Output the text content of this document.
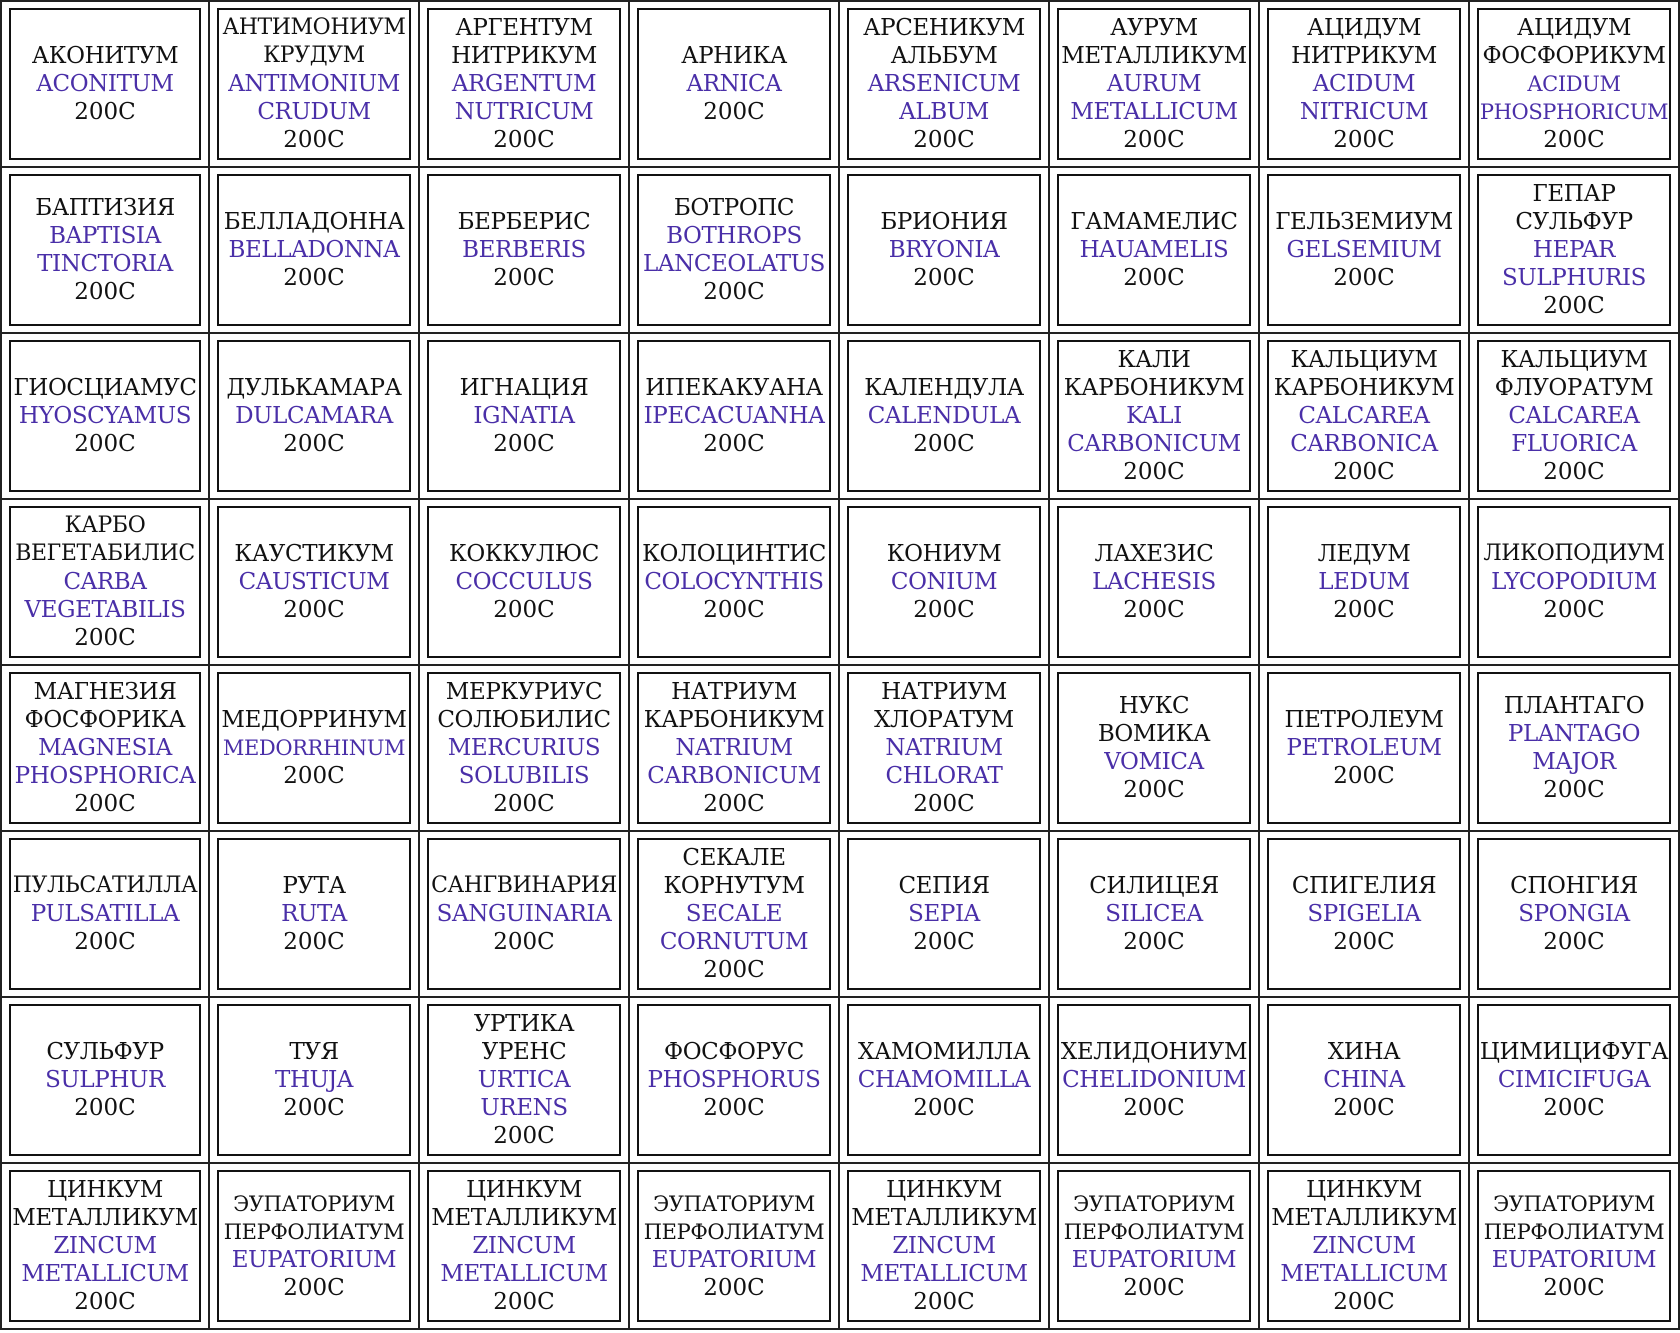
АКОНИТУМ
ACONITUM
200C
АНТИМОНИУМ
КРУДУМ
ANTIMONIUM
CRUDUM
200C
АРГЕНТУМ
НИТРИКУМ
ARGENTUM
NUTRICUM
200C
АРНИКА
ARNICA
200C
АРСЕНИКУМ
АЛЬБУМ
ARSENICUM
ALBUM
200C
АУРУМ
МЕТАЛЛИКУМ
AURUM
METALLICUM
200C
АЦИДУМ
НИТРИКУМ
ACIDUM
NITRICUM
200C
АЦИДУМ
ФОСФОРИКУМ
ACIDUM
PHOSPHORICUM
200C
БАПТИЗИЯ
BAPTISIA
TINCTORIA
200C
БЕЛЛАДОННА
BELLADONNA
200C
БЕРБЕРИС
BERBERIS
200C
БОТРОПС
BOTHROPS
LANCEOLATUS
200C
БРИОНИЯ
BRYONIA
200C
ГАМАМЕЛИС
HAUAMELIS
200C
ГЕЛЬЗЕМИУМ
GELSEMIUM
200C
ГЕПАР
СУЛЬФУР
HEPAR
SULPHURIS
200C
ГИОСЦИАМУС
HYOSCYAMUS
200C
ДУЛЬКАМАРА
DULCAMARA
200C
ИГНАЦИЯ
IGNATIA
200C
ИПЕКАКУАНА
IPECACUANHA
200C
КАЛЕНДУЛА
CALENDULA
200C
КАЛИ
КАРБОНИКУМ
KALI
CARBONICUM
200C
КАЛЬЦИУМ
КАРБОНИКУМ
CALCAREA
CARBONICA
200C
КАЛЬЦИУМ
ФЛУОРАТУМ
CALCAREA
FLUORICA
200C
КАРБО
ВЕГЕТАБИЛИС
CARBA
VEGETABILIS
200C
КАУСТИКУМ
CAUSTICUM
200C
КОККУЛЮС
COCCULUS
200C
КОЛОЦИНТИС
COLOCYNTHIS
200C
КОНИУМ
CONIUM
200C
ЛАХЕЗИС
LACHESIS
200C
ЛЕДУМ
LEDUM
200C
ЛИКОПОДИУМ
LYCOPODIUM
200C
МАГНЕЗИЯ
ФОСФОРИКА
MAGNESIA
PHOSPHORICA
200C
МЕДОРРИНУМ
MEDORRHINUM
200C
МЕРКУРИУС
СОЛЮБИЛИС
MERCURIUS
SOLUBILIS
200C
НАТРИУМ
КАРБОНИКУМ
NATRIUM
CARBONICUM
200C
НАТРИУМ
ХЛОРАТУМ
NATRIUM
CHLORAT
200C
НУКС
ВОМИКА
VOMICA
200C
ПЕТРОЛЕУМ
PETROLEUM
200C
ПЛАНТАГО
PLANTAGO
MAJOR
200C
ПУЛЬСАТИЛЛА
PULSATILLA
200C
РУТА
RUTA
200C
САНГВИНАРИЯ
SANGUINARIA
200C
СЕКАЛЕ
КОРНУТУМ
SECALE
CORNUTUM
200C
СЕПИЯ
SEPIA
200C
СИЛИЦЕЯ
SILICEA
200C
СПИГЕЛИЯ
SPIGELIA
200C
СПОНГИЯ
SPONGIA
200C
СУЛЬФУР
SULPHUR
200C
ТУЯ
THUJA
200C
УРТИКА
УРЕНС
URTICA
URENS
200C
ФОСФОРУС
PHOSPHORUS
200C
ХАМОМИЛЛА
CHAMOMILLA
200C
ХЕЛИДОНИУМ
CHELIDONIUM
200C
ХИНА
CHINA
200C
ЦИМИЦИФУГА
CIMICIFUGA
200C
ЦИНКУМ
МЕТАЛЛИКУМ
ZINCUM
METALLICUM
200C
ЭУПАТОРИУМ
ПЕРФОЛИАТУМ
EUPATORIUM
200C
ЦИНКУМ
МЕТАЛЛИКУМ
ZINCUM
METALLICUM
200C
ЭУПАТОРИУМ
ПЕРФОЛИАТУМ
EUPATORIUM
200C
ЦИНКУМ
МЕТАЛЛИКУМ
ZINCUM
METALLICUM
200C
ЭУПАТОРИУМ
ПЕРФОЛИАТУМ
EUPATORIUM
200C
ЦИНКУМ
МЕТАЛЛИКУМ
ZINCUM
METALLICUM
200C
ЭУПАТОРИУМ
ПЕРФОЛИАТУМ
EUPATORIUM
200C
